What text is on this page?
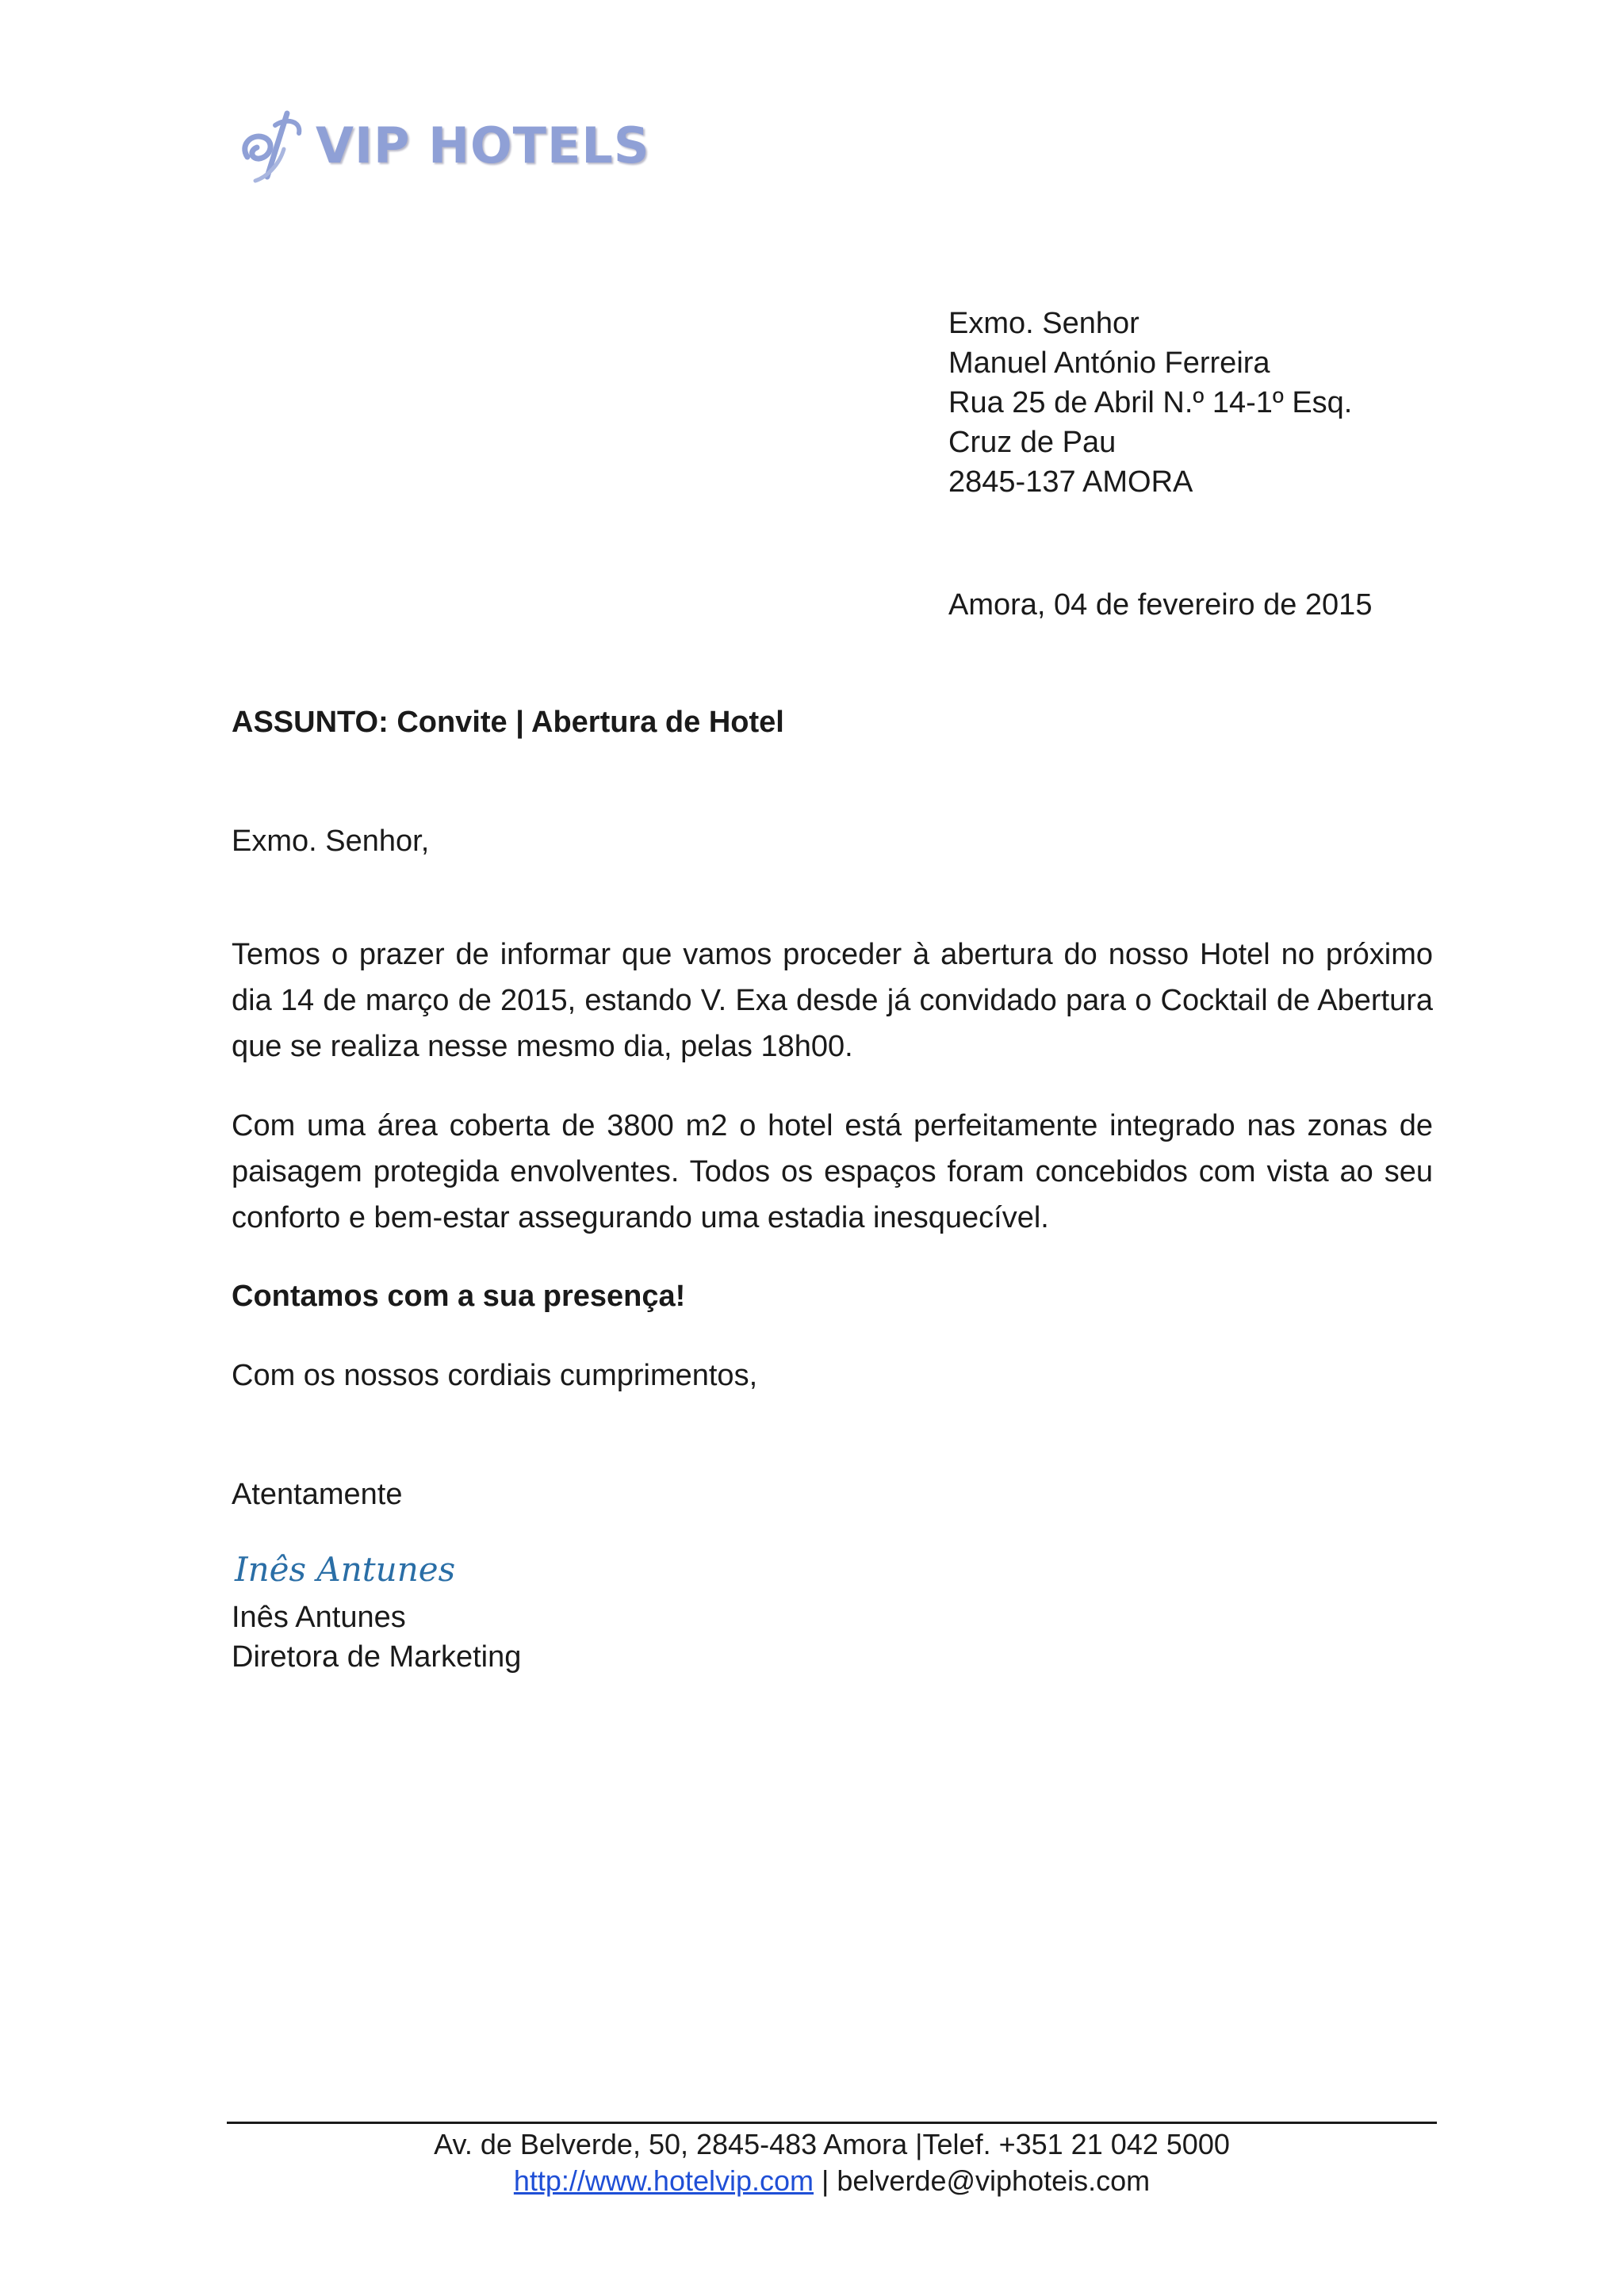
VIP HOTELS
Exmo. Senhor
Manuel António Ferreira
Rua 25 de Abril N.º 14-1º Esq.
Cruz de Pau
2845-137 AMORA
Amora, 04 de fevereiro de 2015
ASSUNTO: Convite | Abertura de Hotel
Exmo. Senhor,
Temos o prazer de informar que vamos proceder à abertura do nosso Hotel no próximo dia 14 de março de 2015, estando V. Exa desde já convidado para o Cocktail de Abertura que se realiza nesse mesmo dia, pelas 18h00.
Com uma área coberta de 3800 m2 o hotel está perfeitamente integrado nas zonas de paisagem protegida envolventes. Todos os espaços foram concebidos com vista ao seu conforto e bem-estar assegurando uma estadia inesquecível.
Contamos com a sua presença!
Com os nossos cordiais cumprimentos,
Atentamente
Inês Antunes
Inês Antunes
Diretora de Marketing
Av. de Belverde, 50, 2845-483 Amora |Telef. +351 21 042 5000
http://www.hotelvip.com | belverde@viphoteis.com
